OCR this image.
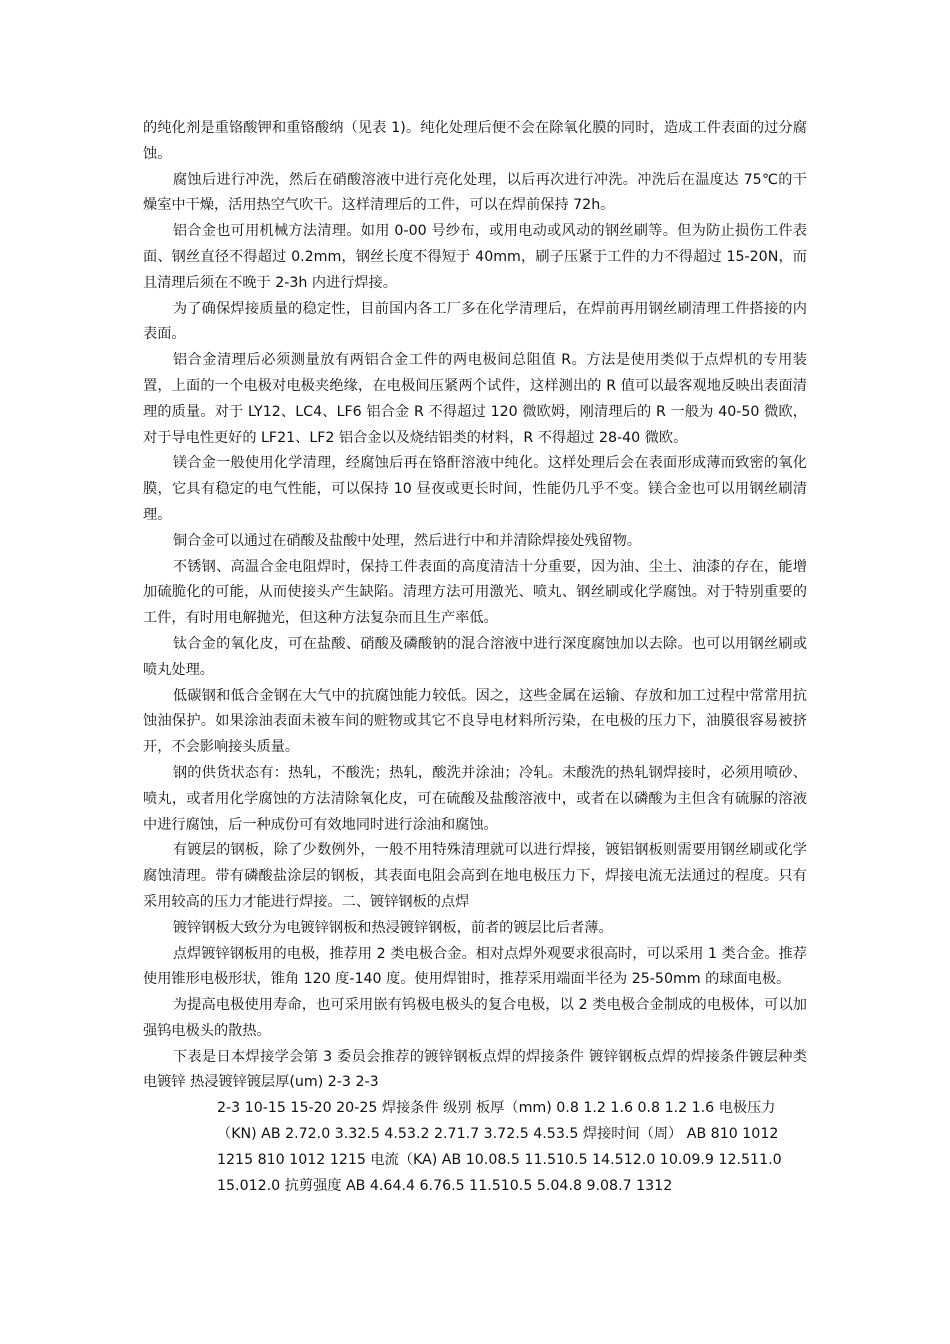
的纯化剂是重铬酸钾和重铬酸纳（见表 1)。纯化处理后便不会在除氧化膜的同时，造成工件表面的过分腐蚀。

腐蚀后进行冲洗，然后在硝酸溶液中进行亮化处理，以后再次进行冲洗。冲洗后在温度达 75℃的干燥室中干燥，活用热空气吹干。这样清理后的工件，可以在焊前保持 72h。

铝合金也可用机械方法清理。如用 0-00 号纱布，或用电动或风动的钢丝刷等。但为防止损伤工件表面、钢丝直径不得超过 0.2mm，钢丝长度不得短于 40mm，刷子压紧于工件的力不得超过 15-20N，而且清理后须在不晚于 2-3h 内进行焊接。

为了确保焊接质量的稳定性，目前国内各工厂多在化学清理后，在焊前再用钢丝刷清理工件搭接的内表面。

铝合金清理后必须测量放有两铝合金工件的两电极间总阻值 R。方法是使用类似于点焊机的专用装置，上面的一个电极对电极夹绝缘，在电极间压紧两个试件，这样测出的 R 值可以最客观地反映出表面清理的质量。对于 LY12、LC4、LF6 铝合金 R 不得超过 120 微欧姆，刚清理后的 R 一般为 40-50 微欧，对于导电性更好的 LF21、LF2 铝合金以及烧结铝类的材料，R 不得超过 28-40 微欧。

镁合金一般使用化学清理，经腐蚀后再在铬酐溶液中纯化。这样处理后会在表面形成薄而致密的氧化膜，它具有稳定的电气性能，可以保持 10 昼夜或更长时间，性能仍几乎不变。镁合金也可以用钢丝刷清理。

铜合金可以通过在硝酸及盐酸中处理，然后进行中和并清除焊接处残留物。

不锈钢、高温合金电阻焊时，保持工件表面的高度清洁十分重要，因为油、尘土、油漆的存在，能增加硫脆化的可能，从而使接头产生缺陷。清理方法可用激光、喷丸、钢丝刷或化学腐蚀。对于特别重要的工件，有时用电解抛光，但这种方法复杂而且生产率低。

钛合金的氧化皮，可在盐酸、硝酸及磷酸钠的混合溶液中进行深度腐蚀加以去除。也可以用钢丝刷或喷丸处理。

低碳钢和低合金钢在大气中的抗腐蚀能力较低。因之，这些金属在运输、存放和加工过程中常常用抗蚀油保护。如果涂油表面未被车间的赃物或其它不良导电材料所污染，在电极的压力下，油膜很容易被挤开，不会影响接头质量。

钢的供货状态有：热轧，不酸洗；热轧，酸洗并涂油；冷轧。未酸洗的热轧钢焊接时，必须用喷砂、喷丸，或者用化学腐蚀的方法清除氧化皮，可在硫酸及盐酸溶液中，或者在以磷酸为主但含有硫脲的溶液中进行腐蚀，后一种成份可有效地同时进行涂油和腐蚀。

有镀层的钢板，除了少数例外，一般不用特殊清理就可以进行焊接，镀铝钢板则需要用钢丝刷或化学腐蚀清理。带有磷酸盐涂层的钢板，其表面电阻会高到在地电极压力下，焊接电流无法通过的程度。只有采用较高的压力才能进行焊接。二、镀锌钢板的点焊

镀锌钢板大致分为电镀锌钢板和热浸镀锌钢板，前者的镀层比后者薄。

点焊镀锌钢板用的电极，推荐用 2 类电极合金。相对点焊外观要求很高时，可以采用 1 类合金。推荐使用锥形电极形状，锥角 120 度-140 度。使用焊钳时，推荐采用端面半径为 25-50mm 的球面电极。

为提高电极使用寿命，也可采用嵌有钨极电极头的复合电极，以 2 类电极合金制成的电极体，可以加强钨电极头的散热。

下表是日本焊接学会第 3 委员会推荐的镀锌钢板点焊的焊接条件 镀锌钢板点焊的焊接条件镀层种类 电镀锌 热浸镀锌镀层厚(um) 2-3 2-3

2-3 10-15 15-20 20-25 焊接条件 级别 板厚（mm) 0.8 1.2 1.6 0.8 1.2 1.6 电极压力（KN) AB 2.72.0 3.32.5 4.53.2 2.71.7 3.72.5 4.53.5 焊接时间（周） AB 810 1012 1215 810 1012 1215 电流（KA) AB 10.08.5 11.510.5 14.512.0 10.09.9 12.511.0 15.012.0 抗剪强度 AB 4.64.4 6.76.5 11.510.5 5.04.8 9.08.7 1312
